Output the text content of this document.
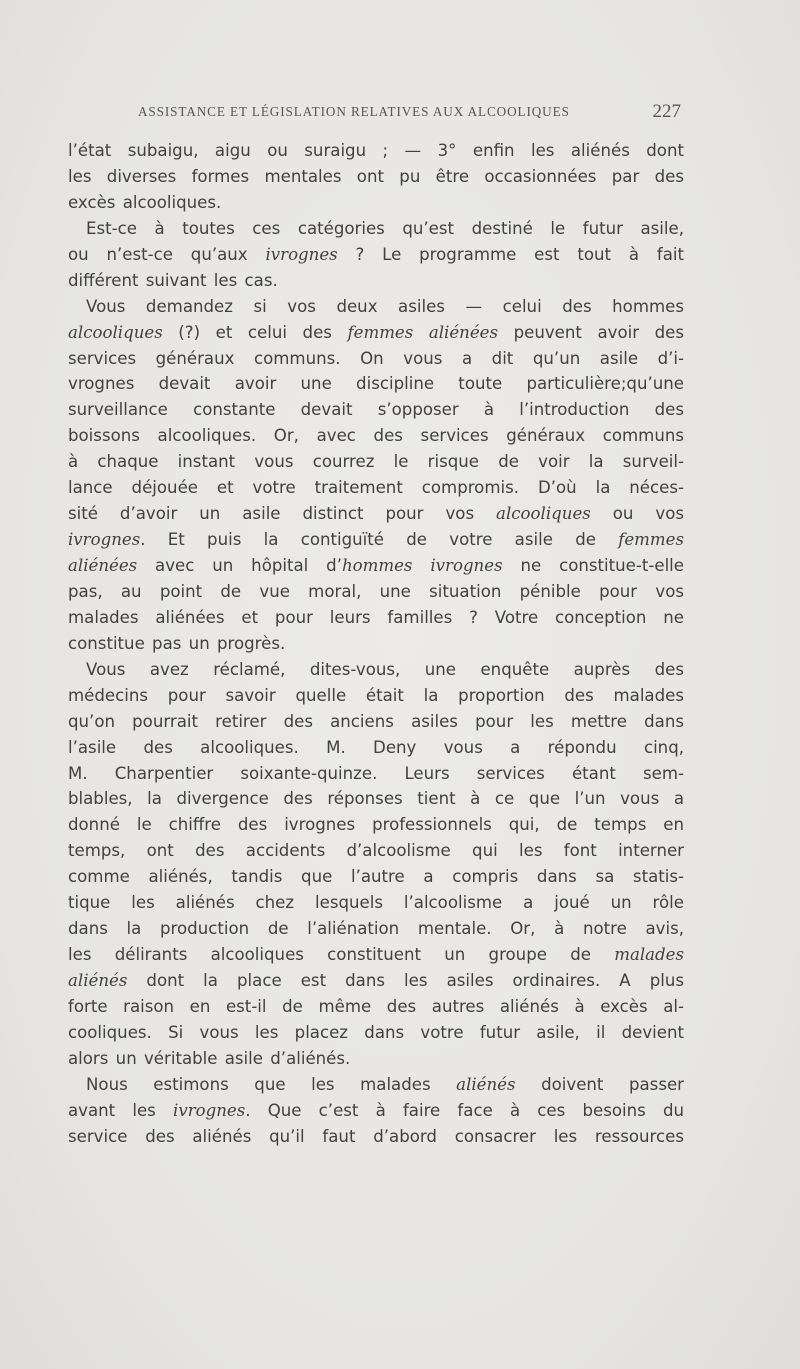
ASSISTANCE ET LÉGISLATION RELATIVES AUX ALCOOLIQUES	227
l’état subaigu, aigu ou suraigu ; — 3° enfin les aliénés dont
les diverses formes mentales ont pu être occasionnées par des
excès alcooliques.
Est-ce à toutes ces catégories qu’est destiné le futur asile,
ou n’est-ce qu’aux ivrognes ? Le programme est tout à fait
différent suivant les cas.
Vous demandez si vos deux asiles — celui des hommes
alcooliques (?) et celui des femmes aliénées peuvent avoir des
services généraux communs. On vous a dit qu’un asile d’i-
vrognes devait avoir une discipline toute particulière;qu’une
surveillance constante devait s’opposer à l’introduction des
boissons alcooliques. Or, avec des services généraux communs
à chaque instant vous courrez le risque de voir la surveil-
lance déjouée et votre traitement compromis. D’où la néces-
sité d’avoir un asile distinct pour vos alcooliques ou vos
ivrognes. Et puis la contiguïté de votre asile de femmes
aliénées avec un hôpital d’hommes ivrognes ne constitue-t-elle
pas, au point de vue moral, une situation pénible pour vos
malades aliénées et pour leurs familles ? Votre conception ne
constitue pas un progrès.
Vous avez réclamé, dites-vous, une enquête auprès des
médecins pour savoir quelle était la proportion des malades
qu’on pourrait retirer des anciens asiles pour les mettre dans
l’asile des alcooliques. M. Deny vous a répondu cinq,
M. Charpentier soixante-quinze. Leurs services étant sem-
blables, la divergence des réponses tient à ce que l’un vous a
donné le chiffre des ivrognes professionnels qui, de temps en
temps, ont des accidents d’alcoolisme qui les font interner
comme aliénés, tandis que l’autre a compris dans sa statis-
tique les aliénés chez lesquels l’alcoolisme a joué un rôle
dans la production de l’aliénation mentale. Or, à notre avis,
les délirants alcooliques constituent un groupe de malades
aliénés dont la place est dans les asiles ordinaires. A plus
forte raison en est-il de même des autres aliénés à excès al-
cooliques. Si vous les placez dans votre futur asile, il devient
alors un véritable asile d’aliénés.
Nous estimons que les malades aliénés doivent passer
avant les ivrognes. Que c’est à faire face à ces besoins du
service des aliénés qu’il faut d’abord consacrer les ressources
